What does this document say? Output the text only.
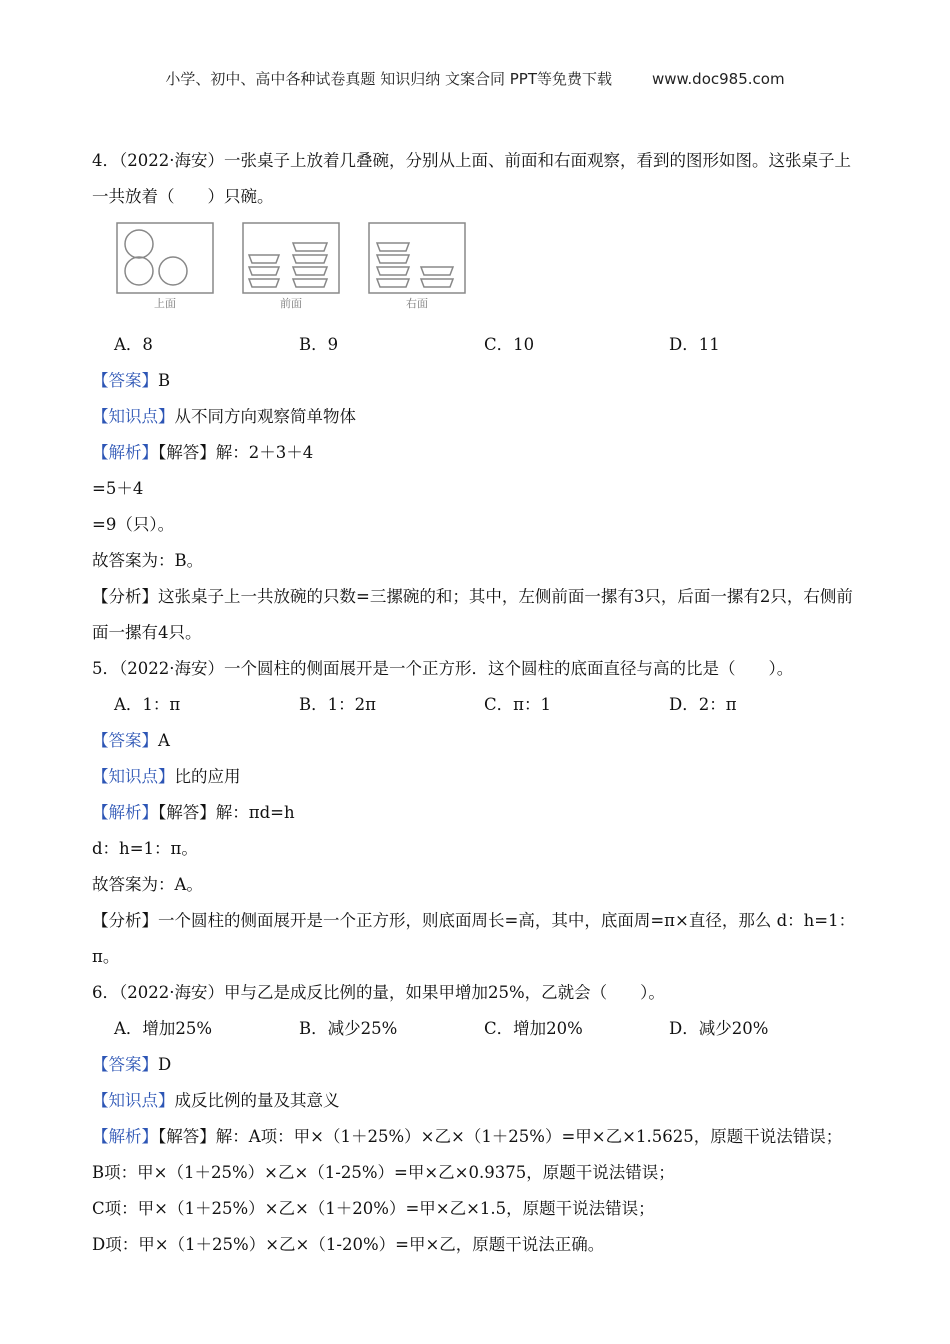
小学、初中、高中各种试卷真题 知识归纳 文案合同 PPT等免费下载	www.doc985.com
4．（2022·海安）一张桌子上放着几叠碗，分别从上面、前面和右面观察，看到的图形如图。这张桌子上一共放着（　　）只碗。
上面	前面	右面
A．8	B．9	C．10	D．11
【答案】B
【知识点】从不同方向观察简单物体
【解析】【解答】解：2＋3＋4
=5＋4
=9（只）。
故答案为：B。
【分析】这张桌子上一共放碗的只数=三摞碗的和；其中，左侧前面一摞有3只，后面一摞有2只，右侧前面一摞有4只。
5．（2022·海安）一个圆柱的侧面展开是一个正方形．这个圆柱的底面直径与高的比是（　　）。
A．1：π	B．1：2π	C．π：1	D．2：π
【答案】A
【知识点】比的应用
【解析】【解答】解：πd=h
d：h=1：π。
故答案为：A。
【分析】一个圆柱的侧面展开是一个正方形，则底面周长=高，其中，底面周=π×直径，那么 d：h=1：π。
6．（2022·海安）甲与乙是成反比例的量，如果甲增加25%，乙就会（　　）。
A．增加25%	B．减少25%	C．增加20%	D．减少20%
【答案】D
【知识点】成反比例的量及其意义
【解析】【解答】解：A项：甲×（1＋25%）×乙×（1＋25%）=甲×乙×1.5625，原题干说法错误；
B项：甲×（1＋25%）×乙×（1-25%）=甲×乙×0.9375，原题干说法错误；
C项：甲×（1＋25%）×乙×（1＋20%）=甲×乙×1.5，原题干说法错误；
D项：甲×（1＋25%）×乙×（1-20%）=甲×乙，原题干说法正确。
